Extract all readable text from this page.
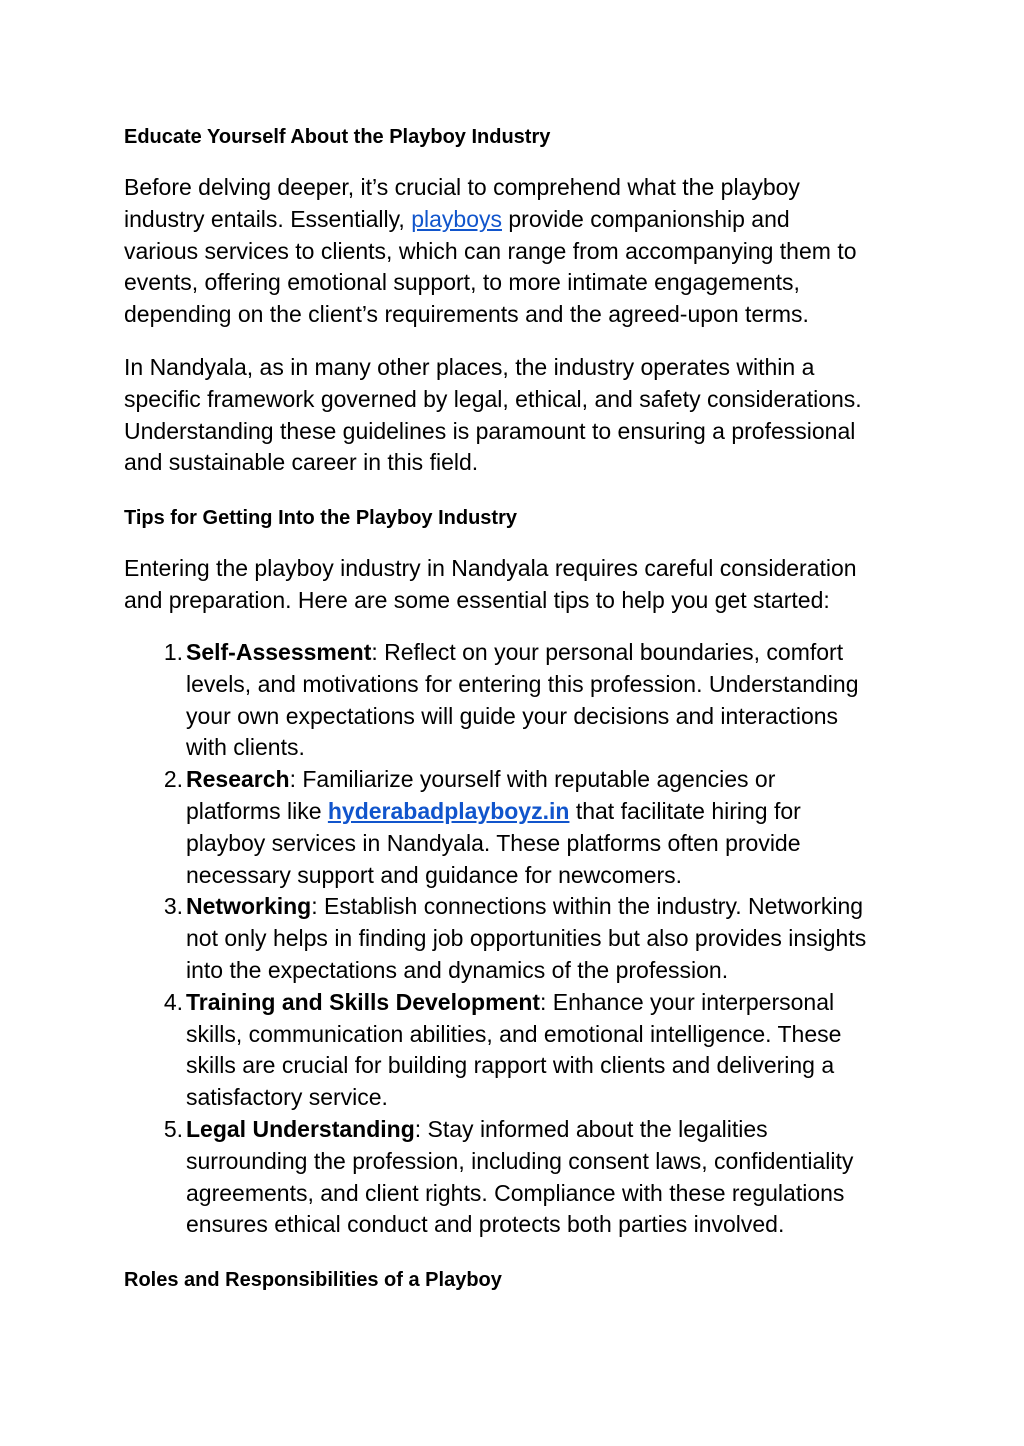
Educate Yourself About the Playboy Industry

Before delving deeper, it’s crucial to comprehend what the playboy
industry entails. Essentially, playboys provide companionship and
various services to clients, which can range from accompanying them to
events, offering emotional support, to more intimate engagements,
depending on the client’s requirements and the agreed-upon terms.

In Nandyala, as in many other places, the industry operates within a
specific framework governed by legal, ethical, and safety considerations.
Understanding these guidelines is paramount to ensuring a professional
and sustainable career in this field.

Tips for Getting Into the Playboy Industry

Entering the playboy industry in Nandyala requires careful consideration
and preparation. Here are some essential tips to help you get started:

1. Self-Assessment: Reflect on your personal boundaries, comfort
levels, and motivations for entering this profession. Understanding
your own expectations will guide your decisions and interactions
with clients.
2. Research: Familiarize yourself with reputable agencies or
platforms like hyderabadplayboyz.in that facilitate hiring for
playboy services in Nandyala. These platforms often provide
necessary support and guidance for newcomers.
3. Networking: Establish connections within the industry. Networking
not only helps in finding job opportunities but also provides insights
into the expectations and dynamics of the profession.
4. Training and Skills Development: Enhance your interpersonal
skills, communication abilities, and emotional intelligence. These
skills are crucial for building rapport with clients and delivering a
satisfactory service.
5. Legal Understanding: Stay informed about the legalities
surrounding the profession, including consent laws, confidentiality
agreements, and client rights. Compliance with these regulations
ensures ethical conduct and protects both parties involved.
Roles and Responsibilities of a Playboy
